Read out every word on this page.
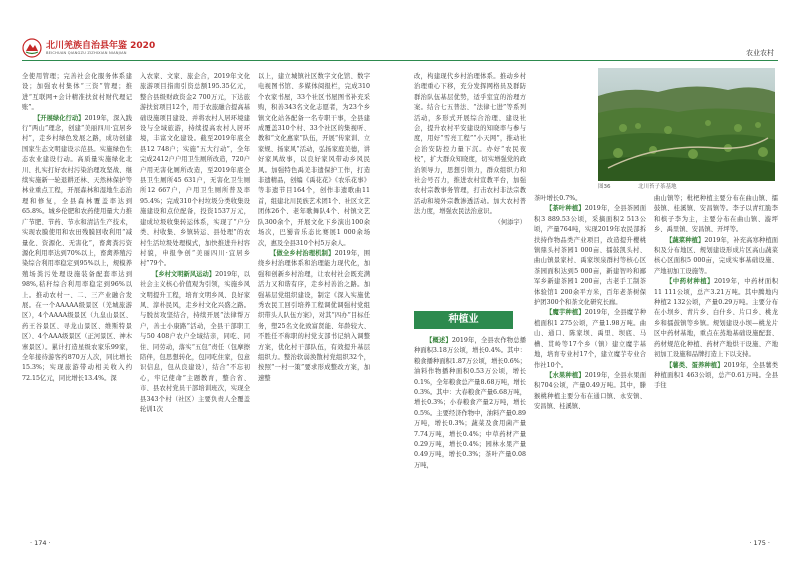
北川羌族自治县年鉴 2020
BEICHUAN QIANGZU ZIZHIXIAN NIANJIAN

全使用管理；完善社会化服务体系建设；加强农村集体“三资”管理；推进“互联网+会计精准扶贫村财代理记账”。

【开展绿化行动】2019年，深入践行“两山”理念，创建“美丽四川·宜居乡村”，走乡村绿色发展之路，成功创建国家生态文明建设示范县。实施绿色生态农业建设行动。高质量实施绿化北川、扎实打好农村污染治理攻坚战、继续实施新一轮退耕还林、天然林保护等林业重点工程，开展森林和湿地生态治理和修复，全县森林覆盖率达到65.8%。城乡伦肥和农药使用量大力推广节肥、节药、节水和清洁生产技术，实现农膜使用和农田残膜回收利用“减量化、资源化、无害化”，畜禽粪污资源化利用率达到70%以上，畜禽养殖污染综合利用率稳定到95%以上，规模养殖场粪污处理设施装备配套率达到98%,秸秆综合利用率稳定到96%以上。推动农村一、二、三产业融合发展。在一个AAAAA级景区（羌城旅游区），4个AAAA级景区（九皇山景区、药王谷景区、寻龙山景区、维斯特景区）、4个AAA级景区（正河景区、神木寨景区）。累计打造星级农家乐99家，全年接待游客约870万人次，同比增长15.3%；实现旅游带动相关收入约72.15亿元，同比增长13.4%。深

入农家、文家、旅企合，2019年文化旅游项目指南引资总额195.35亿元，整合县级财政资金2 700万元，下达旅游扶贫项目12个，用于农旅融合提高基础设施项目建设、并将农村人居环境建设与全域旅游，持续提高农村人居环境，丰富文化建设。截至2019年底全县12 748户；实施“五大行动”，全年完成2412户户用卫生厕所改造，720户户用无害化厕所改造，至2019年底全县卫生厕所45 631户，无害化卫生厕所12 667户，户用卫生厕所普及率95.4%；完成310个村垃圾分类收集设施建设和点位配备，投资1537万元，建成垃圾收集转运体系，实现了“户分类、村收集、乡镇转运、县处理”的农村生活垃圾处理模式，加快推进升村容村貌，申报争创“美丽四川·宜居乡村”79个。

【乡村文明新风运动】2019年，以社会主义核心价值观为引领，实施乡风文明提升工程，培育文明乡风、良好家风、淳朴民风，走乡村文化兴盛之路。与脱贫攻坚结合，持续开展“法律帮万户，善士小康路”活动，全县干部职工与50 408户农户全域结亲，同吃、同住、同劳动，落实“五包”责任（包摩擦陪伴，包思想转化，包同吃住家，包意识信息，包从良建设），结合“不忘初心，牢记使命”主题教育，整合省、市、县农村党员干部培训班次，实现全县343个村（社区）主要负责人全覆盖轮训1次

以上，建立城镇社区数字文化馆、数字电视图书馆、多媒体阅报栏，完成310个农家书屋，33个社区书屋图书补充采购，积善343名文化志愿者，为23个乡镇文化站各配备一名专职干事，全县建成覆盖310个村、33个社区的集视听、教和“文化惠家”队伍，开展“传家训、立家规、扬家风”活动，弘扬家庭美德，讲好家风故事，以良好家风带动乡风民风。加强特色禹羌非遗保护工作，打造非遗精品，创编《禹花花》《农乐花事》等非遗节目164个，创作非遗歌曲11首，组建北川民族艺术团1个、社区文艺团体26个、老年歌舞队4个、村镇文艺队300余个，开展文化下乡演出100余场次，巴蜀音乐态比赛展1 000余场次，惠及全县310个村5万余人。

【做全乡村治理机制】2019年，围绕乡村治理体系和治理能力现代化，加强和创新乡村治理，让农村社会既充满活力又和谐有序，走乡村善治之路。加强基层党组织建设，制定《深入实施优秀农民工回引培养工程调优调强村党组织带头人队伍方案》，对其“四办”目标任务，塑25名文化致富贤能、年龄较大、不胜任不称职的村党支部书记纳入调整方案，优化村干部队伍，有效提升基层组织力。整治软弱涣散村党组织32个，按照“一村一策”要求形成整改方案，加速整

· 174 ·
农业农村

改，构建现代乡村治理体系。推动乡村治理重心下移，充分发挥网格员及群防群治队伍基层优势，适乎室宜的治理方案。结合七五普法、“法律七进”等系列活动，多形式开展综合治理、建设社会，提升农村平安建设的知晓率与参与度，用好“雪亮工程”“小天网”，推动社会治安防控力量下沉。办好“农民夜校”，扩大群众知晓度，切实增强党的政治领导力，思想引领力，群众组织力和社会号召力，推进农村宣教平台，加强农村宗教事务管理，打击农村非法宗教活动和境外宗教渗透活动。加大农村普法力度，增强农民法治意识。

（何添宇）

种植业

【概述】2019年，全县农作物总播种面积3.18万公顷，增长0.4%。其中：粮食播种面积1.87万公顷，增长0.6%；油料作物播种面积0.53万公顷，增长0.1%，全年粮食总产量8.68万吨，增长0.3%。其中：大春粮食产量6.68万吨，增长0.3%；小春粮食产量2万吨，增长0.5%。主要经济作物中，油料产量0.89万吨，增长0.3%；蔬菜及食用菌产量7.74万吨，增长0.4%；中草药材产量0.29万吨，增长0.4%；园林水果产量0.49万吨，增长0.3%；茶叶产量0.08万吨，

图36	北川苔子茶基地

茶叶增长0.7%。

【茶叶种植】2019年，全县茶园面积3 889.53公顷，采摘面积2 513公顷，产量764吨，实现2019年农民部拆扶持作物品类产业项目，改造提升樱桃镇鼎头村茶园1 000亩、擂鼓凯头村、曲山镇景家村、禹家坝泉群村等核心区茶园面积达到5 000亩，新建智吟和鄙军乡新建茶园1 200亩，古老手工制茶体验馆1 200余平方米，百年老茶树保护团300个和茶文化研究长廊。

【魔芋种植】2019年，全县魔芋种植面积1 275公顷，产量1.98万吨。曲山、通口、陈家坝、禹里、坝底、马槽、贯岭等17个乡（镇）建立魔芋基地，培育专业村17个，建立魔芋专业合作社10个。

【水果种植】2019年，全县水果面积704公顷，产量0.49万吨。其中，滕猴桃种植主要分布在通口镇、永安镇、安昌镇、桂溪镇、

曲山镇等；枇杷种植主要分布在曲山镇、擂鼓镇、桂溪镇、安昌镇等。李子以青红脆李和槟子李为主，主要分布在曲山镇、漩坪乡、禹里镇、安昌镇、开坪等。

【蔬菜种植】2019年，补充高寒种植面积及分布地区、规划建设形成片区高山蔬菜核心区面积5 000亩，完成实事基础设施、产地初加工设施等。

【中药材种植】2019年，中药材面积11 111公顷，总产3.21万吨。其中腾地内种植2 132公顷，产量0.29万吨。主要分布在小坝乡、青片乡、白什乡、片口乡、桃龙乡和擂鼓镇等乡镇。规划建设小坝—桃龙片区中药材基地，重点在蒸地基础设施配套、药材规范化种植、药材产地烘干设施、产地初加工设施和品牌打造上下以支持。

【薯类、蛋养种植】2019年，全县薯类种植面积1 463公顷，总产0.61万吨。全县手往

· 175 ·
